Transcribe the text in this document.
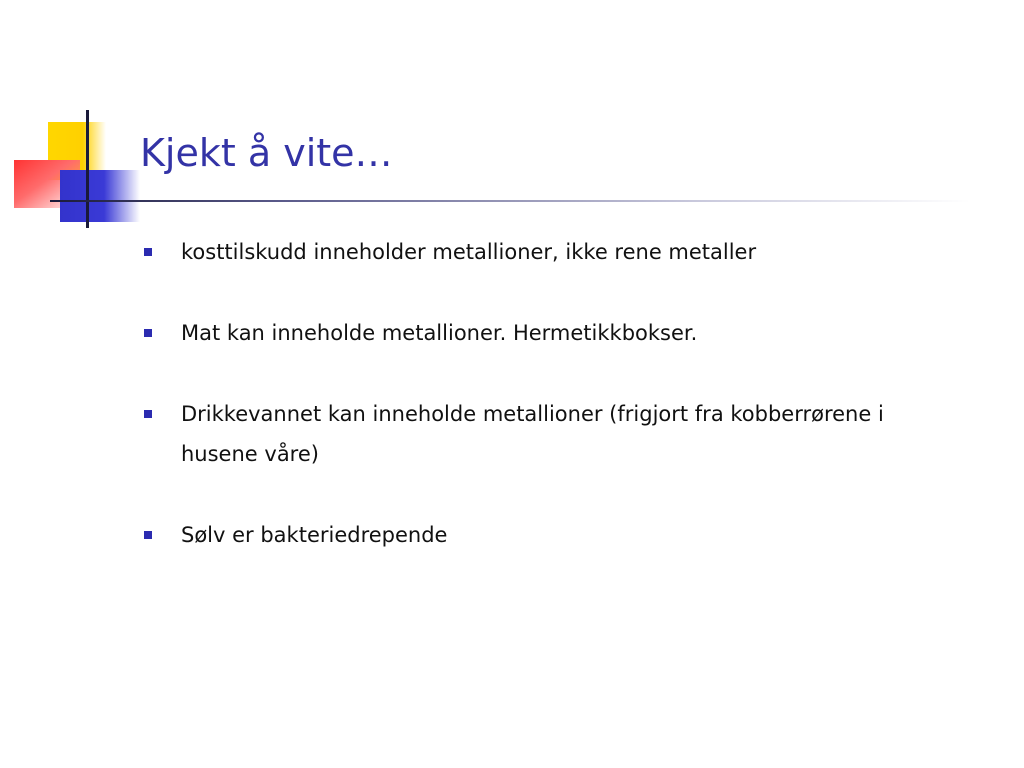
Kjekt å vite…
kosttilskudd inneholder metallioner, ikke rene metaller
Mat kan inneholde metallioner. Hermetikkbokser.
Drikkevannet kan inneholde metallioner (frigjort fra kobberrørene i husene våre)
Sølv er bakteriedrepende
